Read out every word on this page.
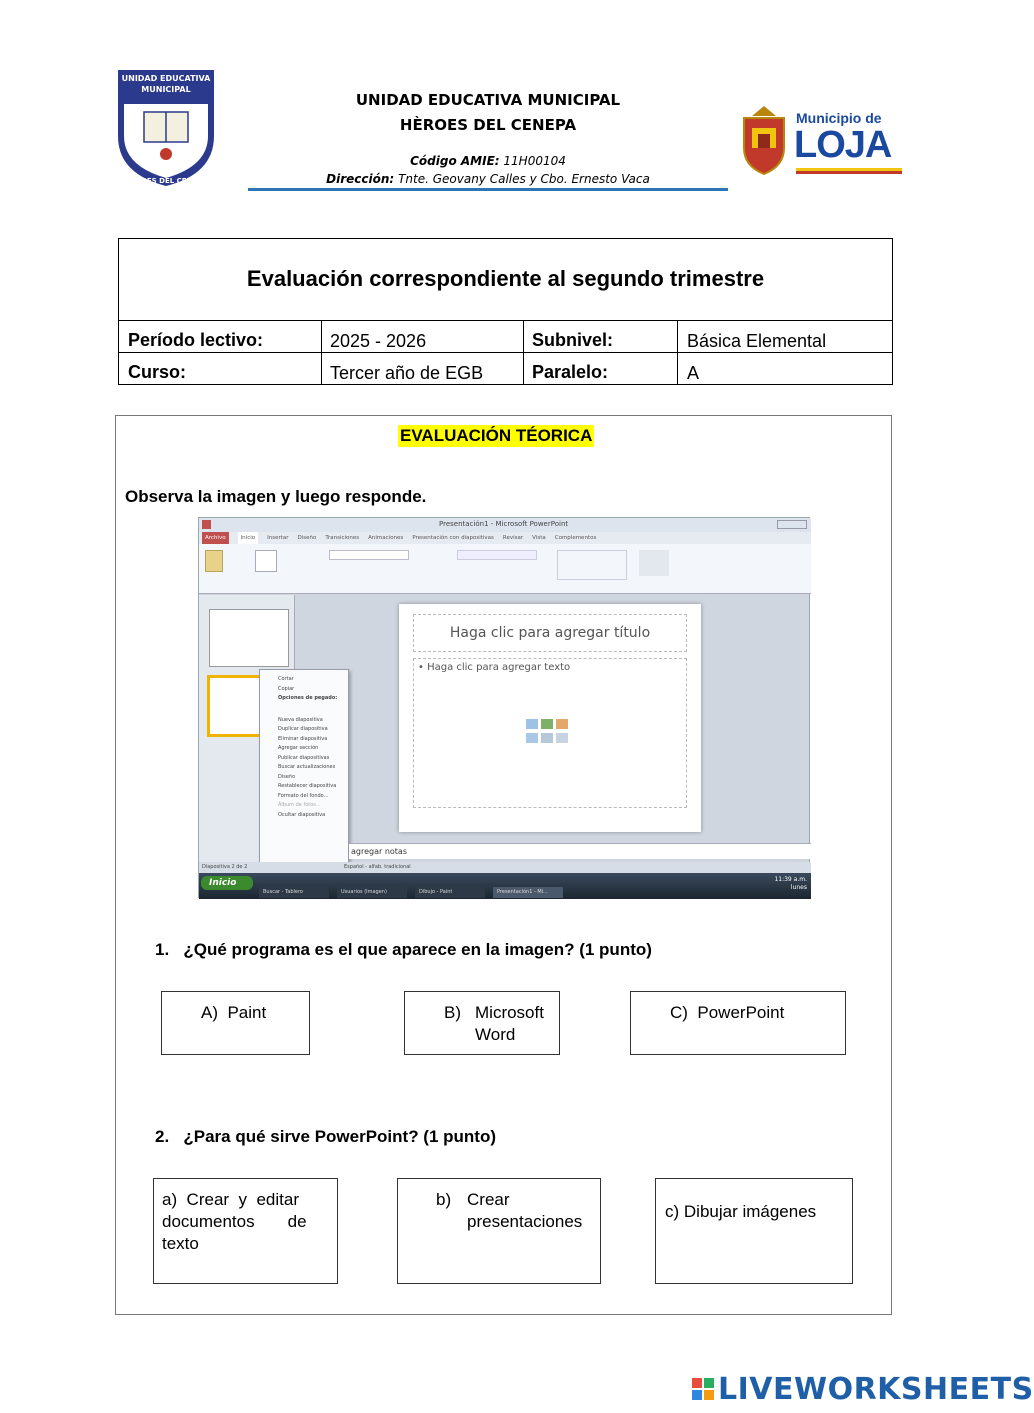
UNIDAD EDUCATIVA
MUNICIPAL
HÉROES DEL CENEPA
UNIDAD EDUCATIVA MUNICIPAL
HÈROES DEL CENEPA
Código AMIE: 11H00104
Dirección: Tnte. Geovany Calles y Cbo. Ernesto Vaca
Municipio de
LOJA
Evaluación correspondiente al segundo trimestre
Período lectivo:	2025 - 2026	Subnivel:	Básica Elemental
Curso:	Tercer año de EGB	Paralelo:	A
EVALUACIÓN TÉORICA
Observa la imagen y luego responde.
Presentación1 - Microsoft PowerPoint
Archivo	Inicio	Insertar Diseño Transiciones Animaciones Presentación con diapositivas Revisar Vista Complementos
Cortar
Copiar
Opciones de pegado:
Nueva diapositiva
Duplicar diapositiva
Eliminar diapositiva
Agregar sección
Publicar diapositivas
Buscar actualizaciones
Diseño
Restablecer diapositiva
Formato del fondo...
Álbum de fotos...
Ocultar diapositiva
Haga clic para agregar título
• Haga clic para agregar texto
agregar notas
Diapositiva 2 de 2	Español - alfab. tradicional
Inicio
Buscar - Tablero	Usuarios (Imagen)	Dibujo - Paint	Presentación1 - Mi...
11:39 a.m.
lunes
1.   ¿Qué programa es el que aparece en la imagen? (1 punto)
A)  Paint	B) Microsoft
Word
C)  PowerPoint
2.   ¿Para qué sirve PowerPoint? (1 punto)
a)  Crear  y  editar
documentos       de
texto
b) Crear
presentaciones
c) Dibujar imágenes
LIVEWORKSHEETS
